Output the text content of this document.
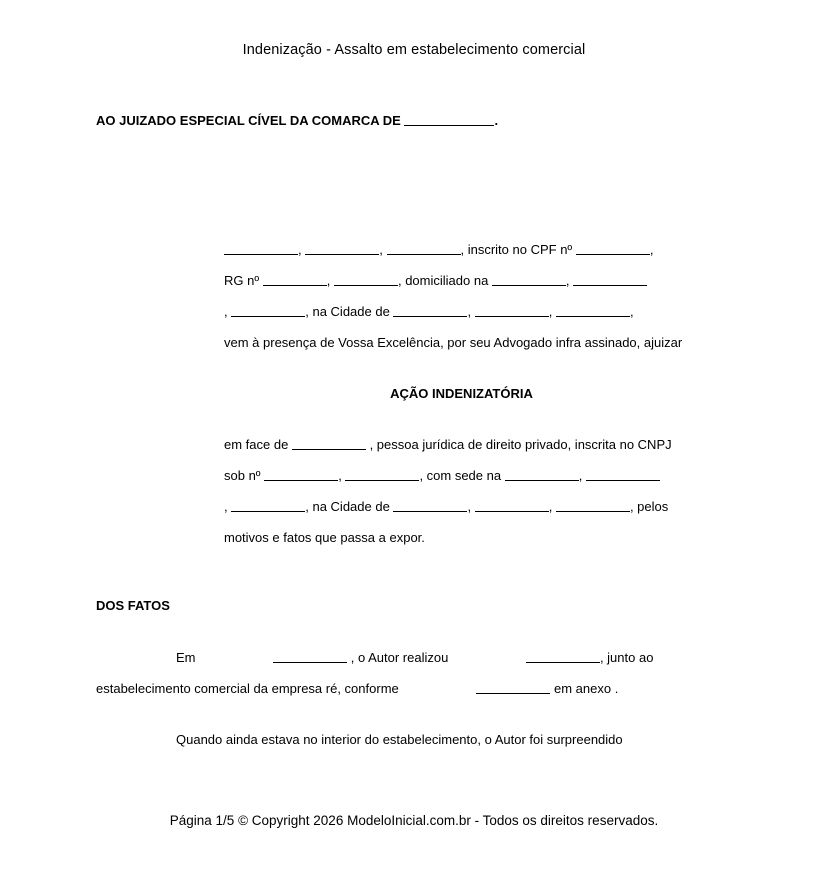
Indenização - Assalto em estabelecimento comercial
AO JUIZADO ESPECIAL CÍVEL DA COMARCA DE	.

,	,	, inscrito no CPF nº	,

RG nº	,	, domiciliado na	,

,	, na Cidade de	,	,	,

vem à presença de Vossa Excelência, por seu Advogado infra assinado, ajuizar

AÇÃO INDENIZATÓRIA

em face de	, pessoa jurídica de direito privado, inscrita no CNPJ

sob nº	,	, com sede na	,

,	, na Cidade de	,	,	, pelos

motivos e fatos que passa a expor.

DOS FATOS

Em	, o Autor realizou	, junto ao

estabelecimento comercial da empresa ré, conforme	em anexo .

Quando ainda estava no interior do estabelecimento, o Autor foi surpreendido

Página 1/5 © Copyright 2026 ModeloInicial.com.br - Todos os direitos reservados.
